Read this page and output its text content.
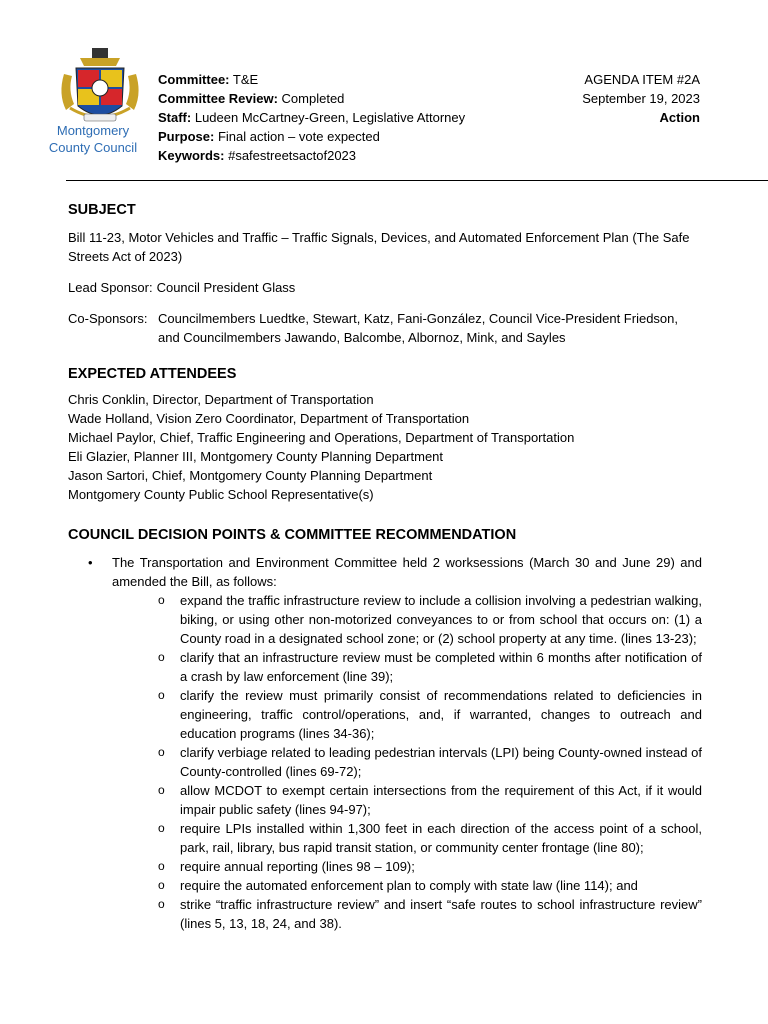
Montgomery
County Council
Committee: T&E
Committee Review: Completed
Staff: Ludeen McCartney-Green, Legislative Attorney
Purpose: Final action – vote expected
Keywords: #safestreetsactof2023
AGENDA ITEM #2A
September 19, 2023
Action
SUBJECT

Bill 11-23, Motor Vehicles and Traffic – Traffic Signals, Devices, and Automated Enforcement Plan (The Safe Streets Act of 2023)

Lead Sponsor: Council President Glass
Co-Sponsors: Councilmembers Luedtke, Stewart, Katz, Fani-González, Council Vice-President Friedson, and Councilmembers Jawando, Balcombe, Albornoz, Mink, and Sayles
EXPECTED ATTENDEES
Chris Conklin, Director, Department of Transportation
Wade Holland, Vision Zero Coordinator, Department of Transportation
Michael Paylor, Chief, Traffic Engineering and Operations, Department of Transportation
Eli Glazier, Planner III, Montgomery County Planning Department
Jason Sartori, Chief, Montgomery County Planning Department
Montgomery County Public School Representative(s)
COUNCIL DECISION POINTS & COMMITTEE RECOMMENDATION
• The Transportation and Environment Committee held 2 worksessions (March 30 and June 29) and amended the Bill, as follows:
o expand the traffic infrastructure review to include a collision involving a pedestrian walking, biking, or using other non-motorized conveyances to or from school that occurs on: (1) a County road in a designated school zone; or (2) school property at any time. (lines 13-23);
o clarify that an infrastructure review must be completed within 6 months after notification of a crash by law enforcement (line 39);
o clarify the review must primarily consist of recommendations related to deficiencies in engineering, traffic control/operations, and, if warranted, changes to outreach and education programs (lines 34-36);
o clarify verbiage related to leading pedestrian intervals (LPI) being County-owned instead of County-controlled (lines 69-72);
o allow MCDOT to exempt certain intersections from the requirement of this Act, if it would impair public safety (lines 94-97);
o require LPIs installed within 1,300 feet in each direction of the access point of a school, park, rail, library, bus rapid transit station, or community center frontage (line 80);
o require annual reporting (lines 98 – 109);
o require the automated enforcement plan to comply with state law (line 114); and
o strike “traffic infrastructure review” and insert “safe routes to school infrastructure review” (lines 5, 13, 18, 24, and 38).
